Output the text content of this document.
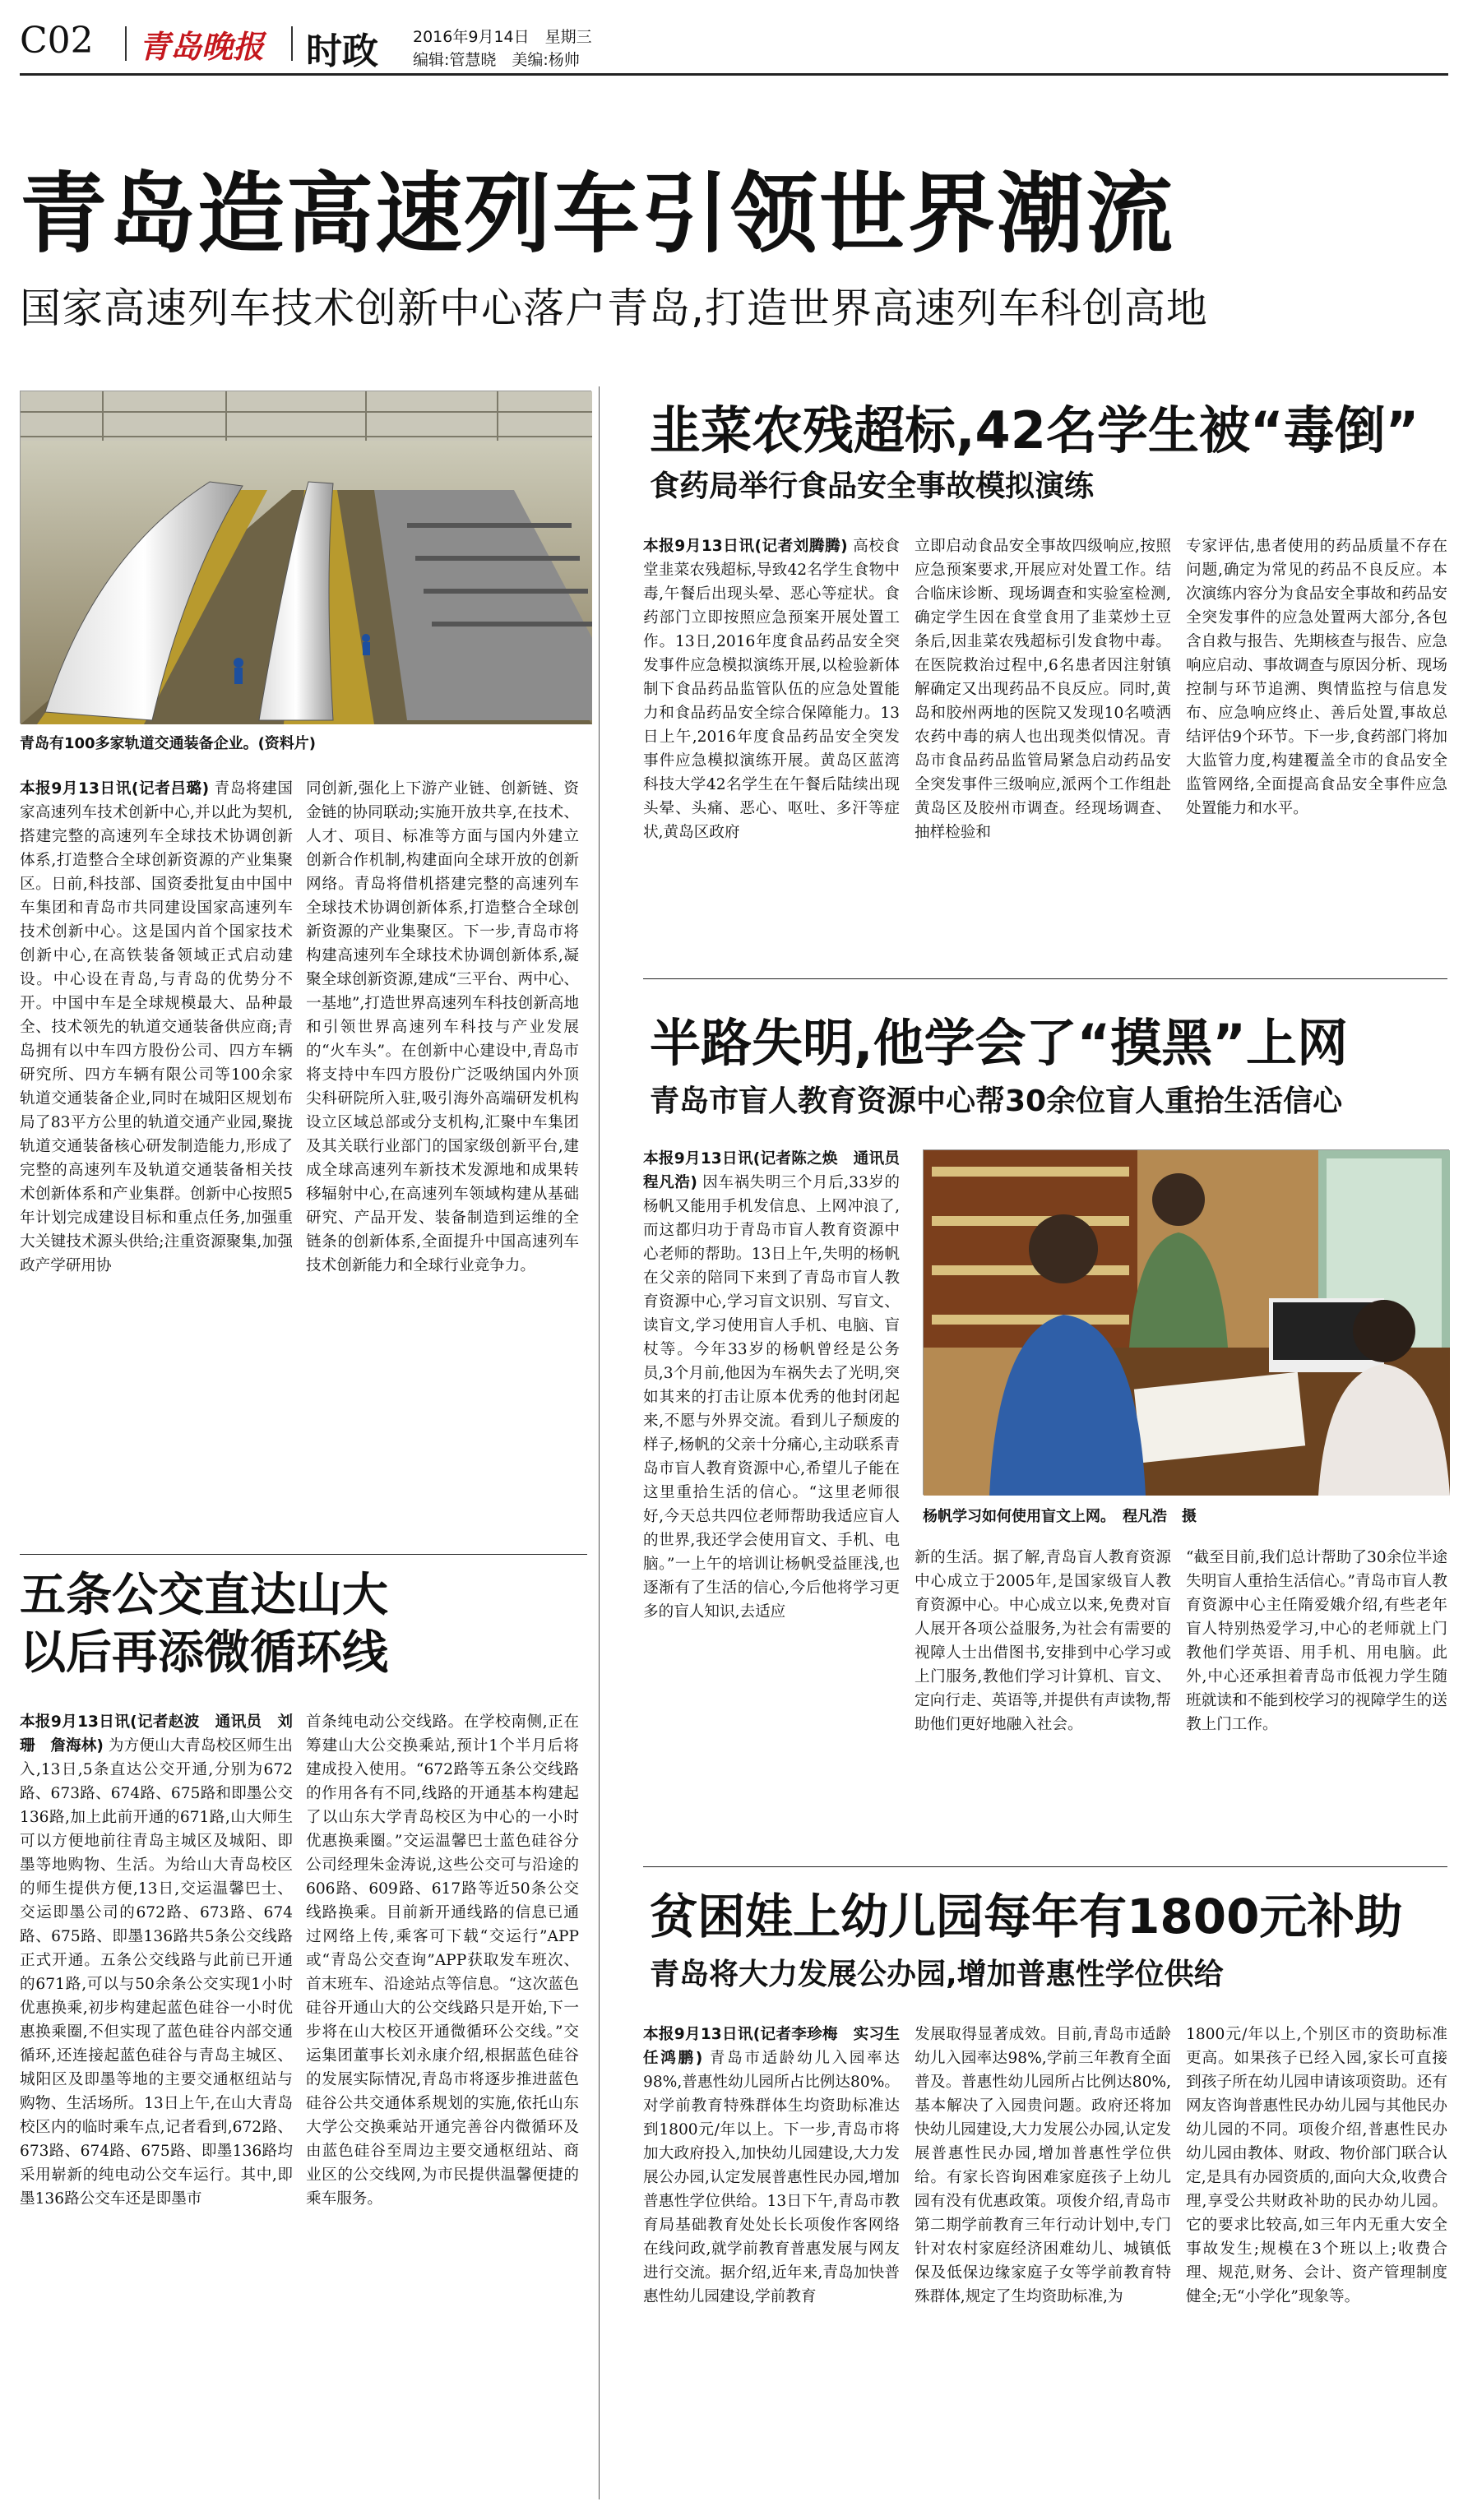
C02 青岛晚报 时政 2016年9月14日　星期三
编辑:管慧晓　美编:杨帅
青岛造高速列车引领世界潮流
国家高速列车技术创新中心落户青岛,打造世界高速列车科创高地
青岛有100多家轨道交通装备企业。(资料片)
本报9月13日讯(记者吕璐) 青岛将建国家高速列车技术创新中心,并以此为契机,搭建完整的高速列车全球技术协调创新体系,打造整合全球创新资源的产业集聚区。日前,科技部、国资委批复由中国中车集团和青岛市共同建设国家高速列车技术创新中心。这是国内首个国家技术创新中心,在高铁装备领域正式启动建设。中心设在青岛,与青岛的优势分不开。中国中车是全球规模最大、品种最全、技术领先的轨道交通装备供应商;青岛拥有以中车四方股份公司、四方车辆研究所、四方车辆有限公司等100余家轨道交通装备企业,同时在城阳区规划布局了83平方公里的轨道交通产业园,聚拢轨道交通装备核心研发制造能力,形成了完整的高速列车及轨道交通装备相关技术创新体系和产业集群。创新中心按照5年计划完成建设目标和重点任务,加强重大关键技术源头供给;注重资源聚集,加强政产学研用协
同创新,强化上下游产业链、创新链、资金链的协同联动;实施开放共享,在技术、人才、项目、标准等方面与国内外建立创新合作机制,构建面向全球开放的创新网络。青岛将借机搭建完整的高速列车全球技术协调创新体系,打造整合全球创新资源的产业集聚区。下一步,青岛市将构建高速列车全球技术协调创新体系,凝聚全球创新资源,建成“三平台、两中心、一基地”,打造世界高速列车科技创新高地和引领世界高速列车科技与产业发展的“火车头”。在创新中心建设中,青岛市将支持中车四方股份广泛吸纳国内外顶尖科研院所入驻,吸引海外高端研发机构设立区域总部或分支机构,汇聚中车集团及其关联行业部门的国家级创新平台,建成全球高速列车新技术发源地和成果转移辐射中心,在高速列车领域构建从基础研究、产品开发、装备制造到运维的全链条的创新体系,全面提升中国高速列车技术创新能力和全球行业竞争力。
五条公交直达山大
以后再添微循环线
本报9月13日讯(记者赵波　通讯员　刘珊　詹海林) 为方便山大青岛校区师生出入,13日,5条直达公交开通,分别为672路、673路、674路、675路和即墨公交136路,加上此前开通的671路,山大师生可以方便地前往青岛主城区及城阳、即墨等地购物、生活。为给山大青岛校区的师生提供方便,13日,交运温馨巴士、交运即墨公司的672路、673路、674路、675路、即墨136路共5条公交线路正式开通。五条公交线路与此前已开通的671路,可以与50余条公交实现1小时优惠换乘,初步构建起蓝色硅谷一小时优惠换乘圈,不但实现了蓝色硅谷内部交通循环,还连接起蓝色硅谷与青岛主城区、城阳区及即墨等地的主要交通枢纽站与购物、生活场所。13日上午,在山大青岛校区内的临时乘车点,记者看到,672路、673路、674路、675路、即墨136路均采用崭新的纯电动公交车运行。其中,即墨136路公交车还是即墨市
首条纯电动公交线路。在学校南侧,正在筹建山大公交换乘站,预计1个半月后将建成投入使用。“672路等五条公交线路的作用各有不同,线路的开通基本构建起了以山东大学青岛校区为中心的一小时优惠换乘圈。”交运温馨巴士蓝色硅谷分公司经理朱金涛说,这些公交可与沿途的606路、609路、617路等近50条公交线路换乘。目前新开通线路的信息已通过网络上传,乘客可下载“交运行”APP或“青岛公交查询”APP获取发车班次、首末班车、沿途站点等信息。“这次蓝色硅谷开通山大的公交线路只是开始,下一步将在山大校区开通微循环公交线。”交运集团董事长刘永康介绍,根据蓝色硅谷的发展实际情况,青岛市将逐步推进蓝色硅谷公共交通体系规划的实施,依托山东大学公交换乘站开通完善谷内微循环及由蓝色硅谷至周边主要交通枢纽站、商业区的公交线网,为市民提供温馨便捷的乘车服务。
韭菜农残超标,42名学生被“毒倒”
食药局举行食品安全事故模拟演练
本报9月13日讯(记者刘腾腾) 高校食堂韭菜农残超标,导致42名学生食物中毒,午餐后出现头晕、恶心等症状。食药部门立即按照应急预案开展处置工作。13日,2016年度食品药品安全突发事件应急模拟演练开展,以检验新体制下食品药品监管队伍的应急处置能力和食品药品安全综合保障能力。13日上午,2016年度食品药品安全突发事件应急模拟演练开展。黄岛区蓝湾科技大学42名学生在午餐后陆续出现头晕、头痛、恶心、呕吐、多汗等症状,黄岛区政府
立即启动食品安全事故四级响应,按照应急预案要求,开展应对处置工作。结合临床诊断、现场调查和实验室检测,确定学生因在食堂食用了韭菜炒土豆条后,因韭菜农残超标引发食物中毒。在医院救治过程中,6名患者因注射镇解确定又出现药品不良反应。同时,黄岛和胶州两地的医院又发现10名喷洒农药中毒的病人也出现类似情况。青岛市食品药品监管局紧急启动药品安全突发事件三级响应,派两个工作组赴黄岛区及胶州市调查。经现场调查、抽样检验和
专家评估,患者使用的药品质量不存在问题,确定为常见的药品不良反应。本次演练内容分为食品安全事故和药品安全突发事件的应急处置两大部分,各包含自救与报告、先期核查与报告、应急响应启动、事故调查与原因分析、现场控制与环节追溯、舆情监控与信息发布、应急响应终止、善后处置,事故总结评估9个环节。下一步,食药部门将加大监管力度,构建覆盖全市的食品安全监管网络,全面提高食品安全事件应急处置能力和水平。
半路失明,他学会了“摸黑”上网
青岛市盲人教育资源中心帮30余位盲人重拾生活信心
本报9月13日讯(记者陈之焕　通讯员　程凡浩) 因车祸失明三个月后,33岁的杨帆又能用手机发信息、上网冲浪了,而这都归功于青岛市盲人教育资源中心老师的帮助。13日上午,失明的杨帆在父亲的陪同下来到了青岛市盲人教育资源中心,学习盲文识别、写盲文、读盲文,学习使用盲人手机、电脑、盲杖等。今年33岁的杨帆曾经是公务员,3个月前,他因为车祸失去了光明,突如其来的打击让原本优秀的他封闭起来,不愿与外界交流。看到儿子颓废的样子,杨帆的父亲十分痛心,主动联系青岛市盲人教育资源中心,希望儿子能在这里重拾生活的信心。“这里老师很好,今天总共四位老师帮助我适应盲人的世界,我还学会使用盲文、手机、电脑。”一上午的培训让杨帆受益匪浅,也逐渐有了生活的信心,今后他将学习更多的盲人知识,去适应
杨帆学习如何使用盲文上网。　程凡浩　摄
新的生活。据了解,青岛盲人教育资源中心成立于2005年,是国家级盲人教育资源中心。中心成立以来,免费对盲人展开各项公益服务,为社会有需要的视障人士出借图书,安排到中心学习或上门服务,教他们学习计算机、盲文、定向行走、英语等,并提供有声读物,帮助他们更好地融入社会。
“截至目前,我们总计帮助了30余位半途失明盲人重拾生活信心。”青岛市盲人教育资源中心主任隋爱娥介绍,有些老年盲人特别热爱学习,中心的老师就上门教他们学英语、用手机、用电脑。此外,中心还承担着青岛市低视力学生随班就读和不能到校学习的视障学生的送教上门工作。
贫困娃上幼儿园每年有1800元补助
青岛将大力发展公办园,增加普惠性学位供给
本报9月13日讯(记者李珍梅　实习生　任鸿鹏) 青岛市适龄幼儿入园率达98%,普惠性幼儿园所占比例达80%。对学前教育特殊群体生均资助标准达到1800元/年以上。下一步,青岛市将加大政府投入,加快幼儿园建设,大力发展公办园,认定发展普惠性民办园,增加普惠性学位供给。13日下午,青岛市教育局基础教育处处长长项俊作客网络在线问政,就学前教育普惠发展与网友进行交流。据介绍,近年来,青岛加快普惠性幼儿园建设,学前教育
发展取得显著成效。目前,青岛市适龄幼儿入园率达98%,学前三年教育全面普及。普惠性幼儿园所占比例达80%,基本解决了入园贵问题。政府还将加快幼儿园建设,大力发展公办园,认定发展普惠性民办园,增加普惠性学位供给。有家长咨询困难家庭孩子上幼儿园有没有优惠政策。项俊介绍,青岛市第二期学前教育三年行动计划中,专门针对农村家庭经济困难幼儿、城镇低保及低保边缘家庭子女等学前教育特殊群体,规定了生均资助标准,为
1800元/年以上,个别区市的资助标准更高。如果孩子已经入园,家长可直接到孩子所在幼儿园申请该项资助。还有网友咨询普惠性民办幼儿园与其他民办幼儿园的不同。项俊介绍,普惠性民办幼儿园由教体、财政、物价部门联合认定,是具有办园资质的,面向大众,收费合理,享受公共财政补助的民办幼儿园。它的要求比较高,如三年内无重大安全事故发生;规模在3个班以上;收费合理、规范,财务、会计、资产管理制度健全;无“小学化”现象等。
